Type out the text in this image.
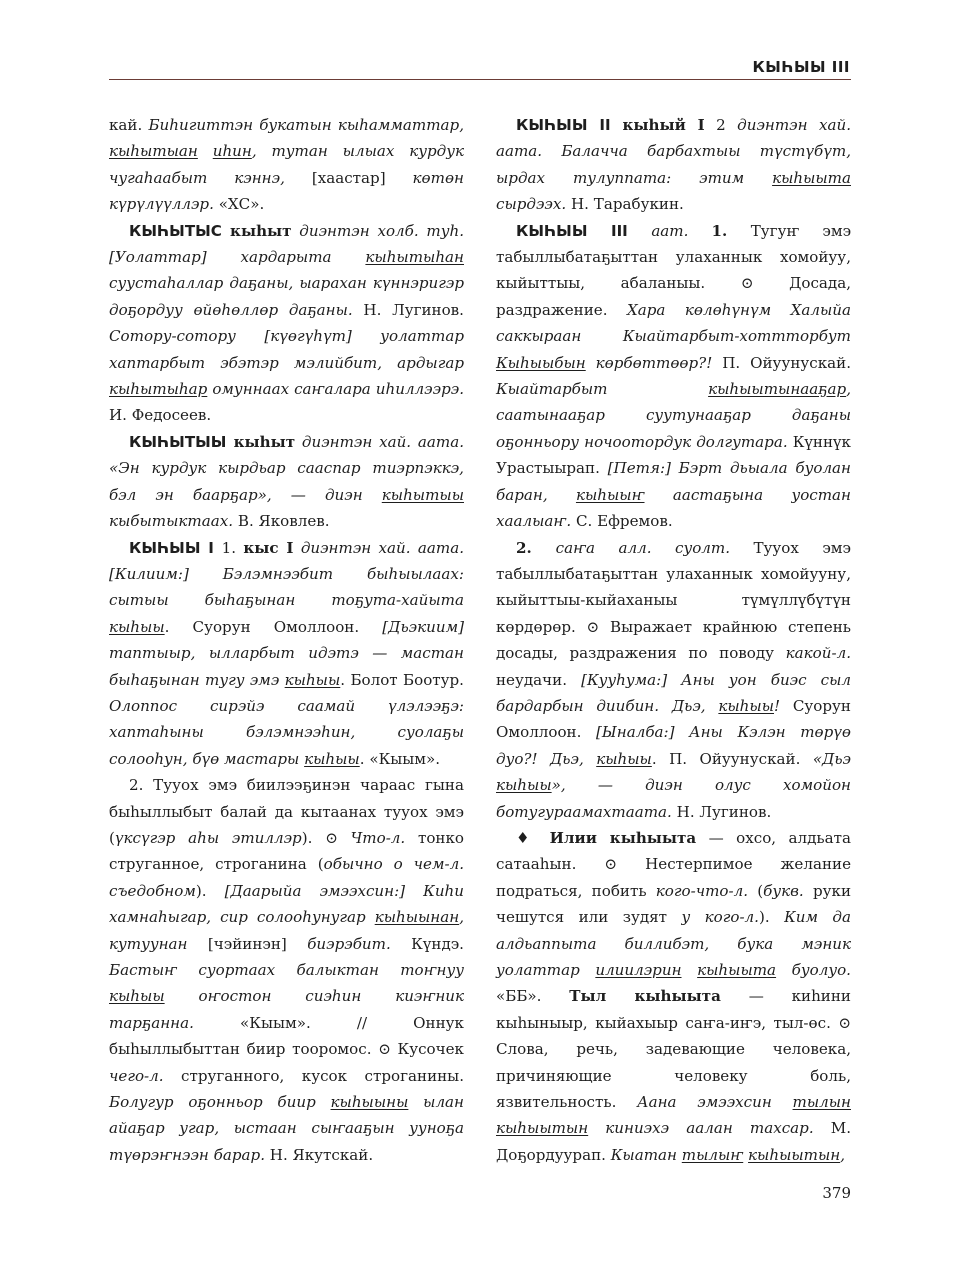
КЫҺЫЫ III

кай. Биһигиттэн букатын кыһамматтар, кыһытыан иһин, тутан ылыах курдук чугаһаабыт кэннэ, [хаастар] көтөн күрүлүүллэр. «ХС».

КЫҺЫТЫС кыһыт диэнтэн холб. туһ. [Уолаттар] хардарыта кыһытыһан суустаһаллар даҕаны, ыарахан күннэригэр доҕордуу өйөһөллөр даҕаны. Н. Лугинов. Сотору-сотору [күөгүһүт] уолаттар хаптарбыт эбэтэр мэлийбит, ардыгар кыһытыһар омуннаах саҥалара иһиллээрэ. И. Федосеев.

КЫҺЫТЫЫ кыһыт диэнтэн хай. аата. «Эн курдук кырдьар сааспар тиэрпэккэ, бэл эн баарҕар», — диэн кыһытыы кыбытыктаах. В. Яковлев.

КЫҺЫЫ I 1. кыс I диэнтэн хай. аата. [Килиим:] Бэлэмнээбит быһыылаах: сытыы быһаҕынан тоҕута-хайыта кыһыы. Суорун Омоллоон. [Дьэкиим] таптыыр, ылларбыт идэтэ — мастан быһаҕынан тугу эмэ кыһыы. Болот Боотур. Олоппос сирэйэ саамай үлэлээҕэ: хаптаһыны бэлэмнээһин, суолаҕы солооһун, бүө мастары кыһыы. «Кыым».

2. Тууох эмэ биилээҕинэн чараас гына быһыллыбыт балай да кытаанах тууох эмэ (үксүгэр аһы этиллэр). ⊙ Что-л. тонко струганное, строганина (обычно о чем-л. съедобном). [Даарыйа эмээхсин:] Киһи хамнаһыгар, сир солооһунугар кыһыынан, кутуунан [чэйинэн] биэрэбит. Күндэ. Бастыҥ суортаах балыктан тоҥнуу кыһыы оҥостон сиэһин киэҥник тарҕанна. «Кыым». // Оннук быһыллыбыттан биир тооромос. ⊙ Кусочек чего-л. струганного, кусок строганины. Болугур оҕонньор биир кыһыыны ылан айаҕар угар, ыстаан сыҥааҕын ууноҕа түөрэҥнээн барар. Н. Якутскай.

КЫҺЫЫ II кыһый I 2 диэнтэн хай. аата. Балачча барбахтыы түстүбүт, ырдах тулуппата: этим кыһыыта сырдээх. Н. Тарабукин.

КЫҺЫЫ III аат. 1. Тугуҥ эмэ табыллыбатаҕыттан улаханнык хомойуу, кыйыттыы, абаланыы. ⊙ Досада, раздражение. Хара көлөһүнүм Халыйа саккыраан Кыайтарбыт-хоттторбут Кыһыыбын көрбөттөөр?! П. Ойуунускай. Кыайтарбыт кыһыытынааҕар, саатынааҕар суутунааҕар даҕаны оҕонньору ночоотордук долгутара. Күннүк Урастыырап. [Петя:] Бэрт дьыала буолан баран, кыһыыҥ аастаҕына уостан хаалыаҥ. С. Ефремов.

2. саҥа алл. суолт. Тууох эмэ табыллыбатаҕыттан улаханнык хомойууну, кыйыттыы-кыйаханыы түмүллүбүтүн көрдөрөр. ⊙ Выражает крайнюю степень досады, раздражения по поводу какой-л. неудачи. [Кууһума:] Аны уон биэс сыл бардарбын диибин. Дьэ, кыһыы! Суорун Омоллоон. [Ыналба:] Аны Кэлэн төрүө дуо?! Дьэ, кыһыы. П. Ойуунускай. «Дьэ кыһыы», — диэн олус хомойон ботугураамахтаата. Н. Лугинов.

♦ Илии кыһыыта — охсо, алдьата сатааһын. ⊙ Нестерпимое желание подраться, побить кого-что-л. (букв. руки чешутся или зудят у кого-л.). Ким да алдьаппыта биллибэт, бука мэник уолаттар илиилэрин кыһыыта буолуо. «ББ». Тыл кыһыыта — киһини кыһыныыр, кыйахыыр саҥа-иҥэ, тыл-өс. ⊙ Слова, речь, задевающие человека, причиняющие человеку боль, язвительность. Аана эмээхсин тылын кыһыытын киниэхэ аалан тахсар. М. Доҕордуурап. Кыатан тылыҥ кыһыытын,

379
